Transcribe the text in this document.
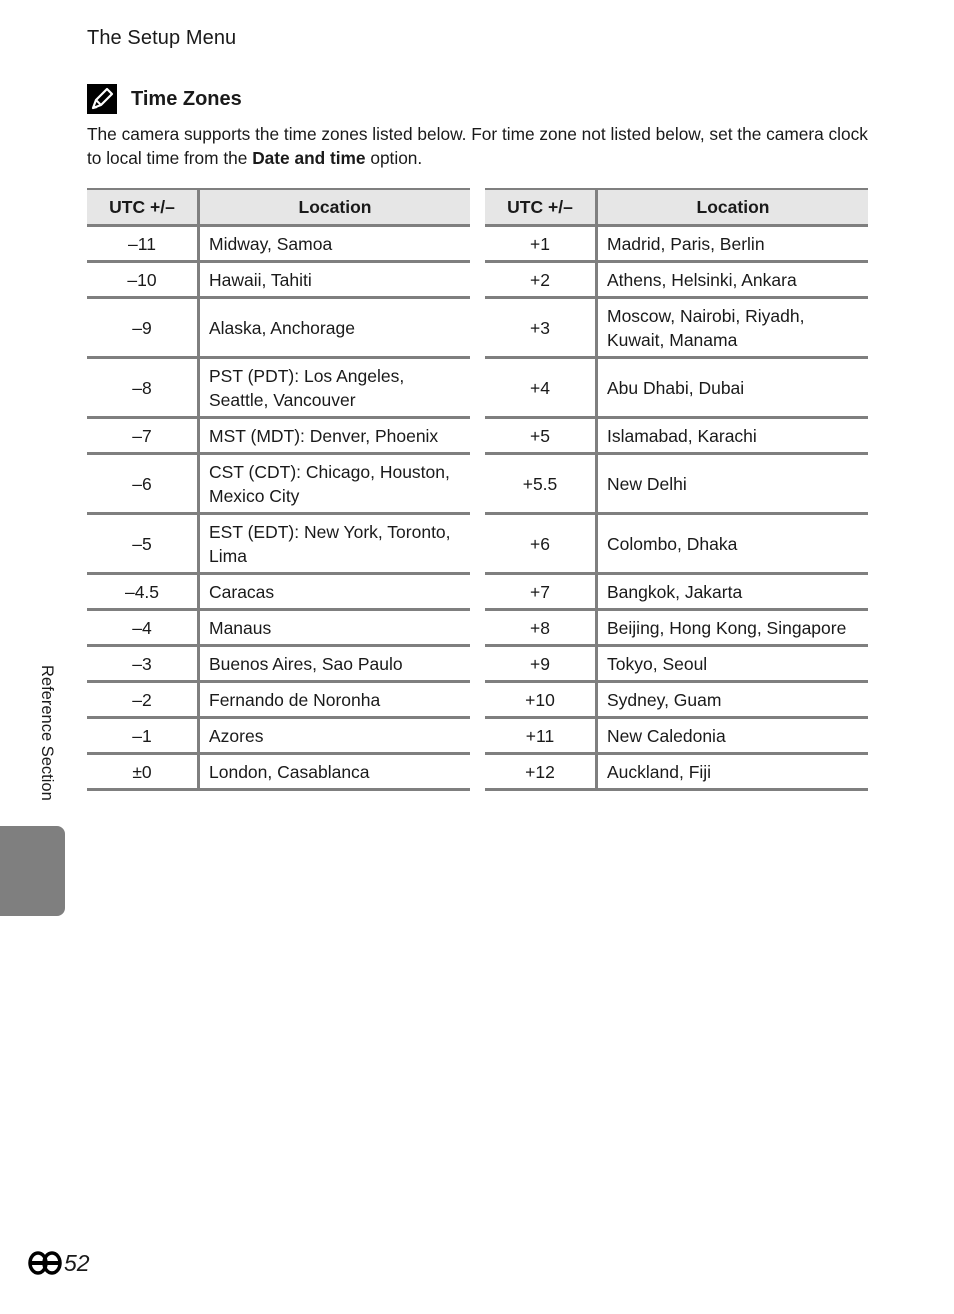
The Setup Menu
Time Zones
The camera supports the time zones listed below. For time zone not listed below, set the camera clock to local time from the Date and time option.
UTC +/–	Location
–11	Midway, Samoa
–10	Hawaii, Tahiti
–9	Alaska, Anchorage
–8	PST (PDT): Los Angeles, Seattle, Vancouver
–7	MST (MDT): Denver, Phoenix
–6	CST (CDT): Chicago, Houston, Mexico City
–5	EST (EDT): New York, Toronto, Lima
–4.5	Caracas
–4	Manaus
–3	Buenos Aires, Sao Paulo
–2	Fernando de Noronha
–1	Azores
±0	London, Casablanca
UTC +/–	Location
+1	Madrid, Paris, Berlin
+2	Athens, Helsinki, Ankara
+3	Moscow, Nairobi, Riyadh, Kuwait, Manama
+4	Abu Dhabi, Dubai
+5	Islamabad, Karachi
+5.5	New Delhi
+6	Colombo, Dhaka
+7	Bangkok, Jakarta
+8	Beijing, Hong Kong, Singapore
+9	Tokyo, Seoul
+10	Sydney, Guam
+11	New Caledonia
+12	Auckland, Fiji
Reference Section
52
